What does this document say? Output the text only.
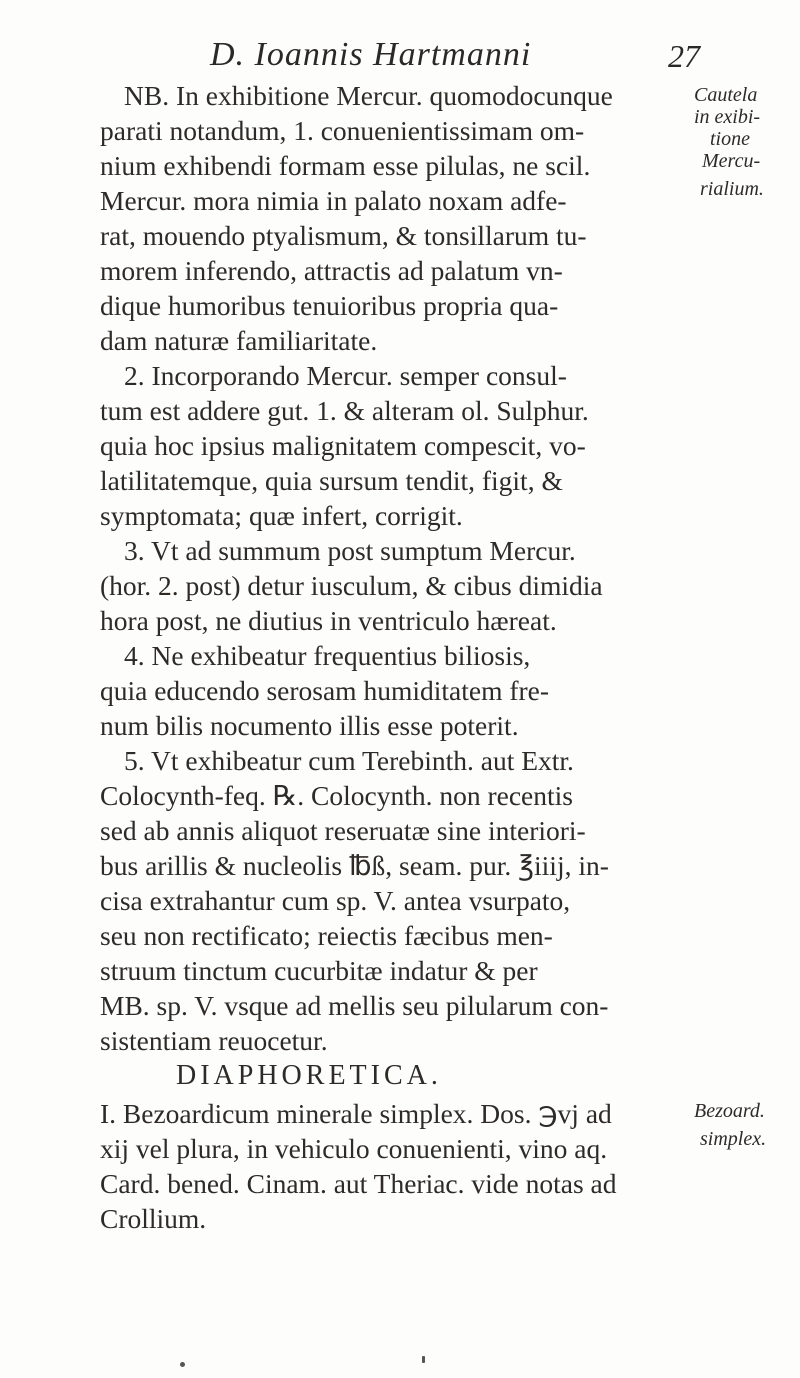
D. Ioannis Hartmanni	27
NB. In exhibitione Mercur. quomodocunque
parati notandum, 1. conuenientissimam om-
nium exhibendi formam esse pilulas, ne scil.
Mercur. mora nimia in palato noxam adfe-
rat, mouendo ptyalismum, & tonsillarum tu-
morem inferendo, attractis ad palatum vn-
dique humoribus tenuioribus propria qua-
dam naturæ familiaritate.
2. Incorporando Mercur. semper consul-
tum est addere gut. 1. & alteram ol. Sulphur.
quia hoc ipsius malignitatem compescit, vo-
latilitatemque, quia sursum tendit, figit, &
symptomata; quæ infert, corrigit.
3. Vt ad summum post sumptum Mercur.
(hor. 2. post) detur iusculum, & cibus dimidia
hora post, ne diutius in ventriculo hæreat.
4. Ne exhibeatur frequentius biliosis,
quia educendo serosam humiditatem fre-
num bilis nocumento illis esse poterit.
5. Vt exhibeatur cum Terebinth. aut Extr.
Colocynth-feq. ℞. Colocynth. non recentis
sed ab annis aliquot reseruatæ sine interiori-
bus arillis & nucleolis ℔ß, seam. pur. ℥iiij, in-
cisa extrahantur cum sp. V. antea vsurpato,
seu non rectificato; reiectis fæcibus men-
struum tinctum cucurbitæ indatur & per
MB. sp. V. vsque ad mellis seu pilularum con-
sistentiam reuocetur.
DIAPHORETICA.
I. Bezoardicum minerale simplex. Dos. ℈vj ad
xij vel plura, in vehiculo conuenienti, vino aq.
Card. bened. Cinam. aut Theriac. vide notas ad
Crollium.
Cautela
in exibi-
tione
Mercu-
rialium.
Bezoard.
simplex.
